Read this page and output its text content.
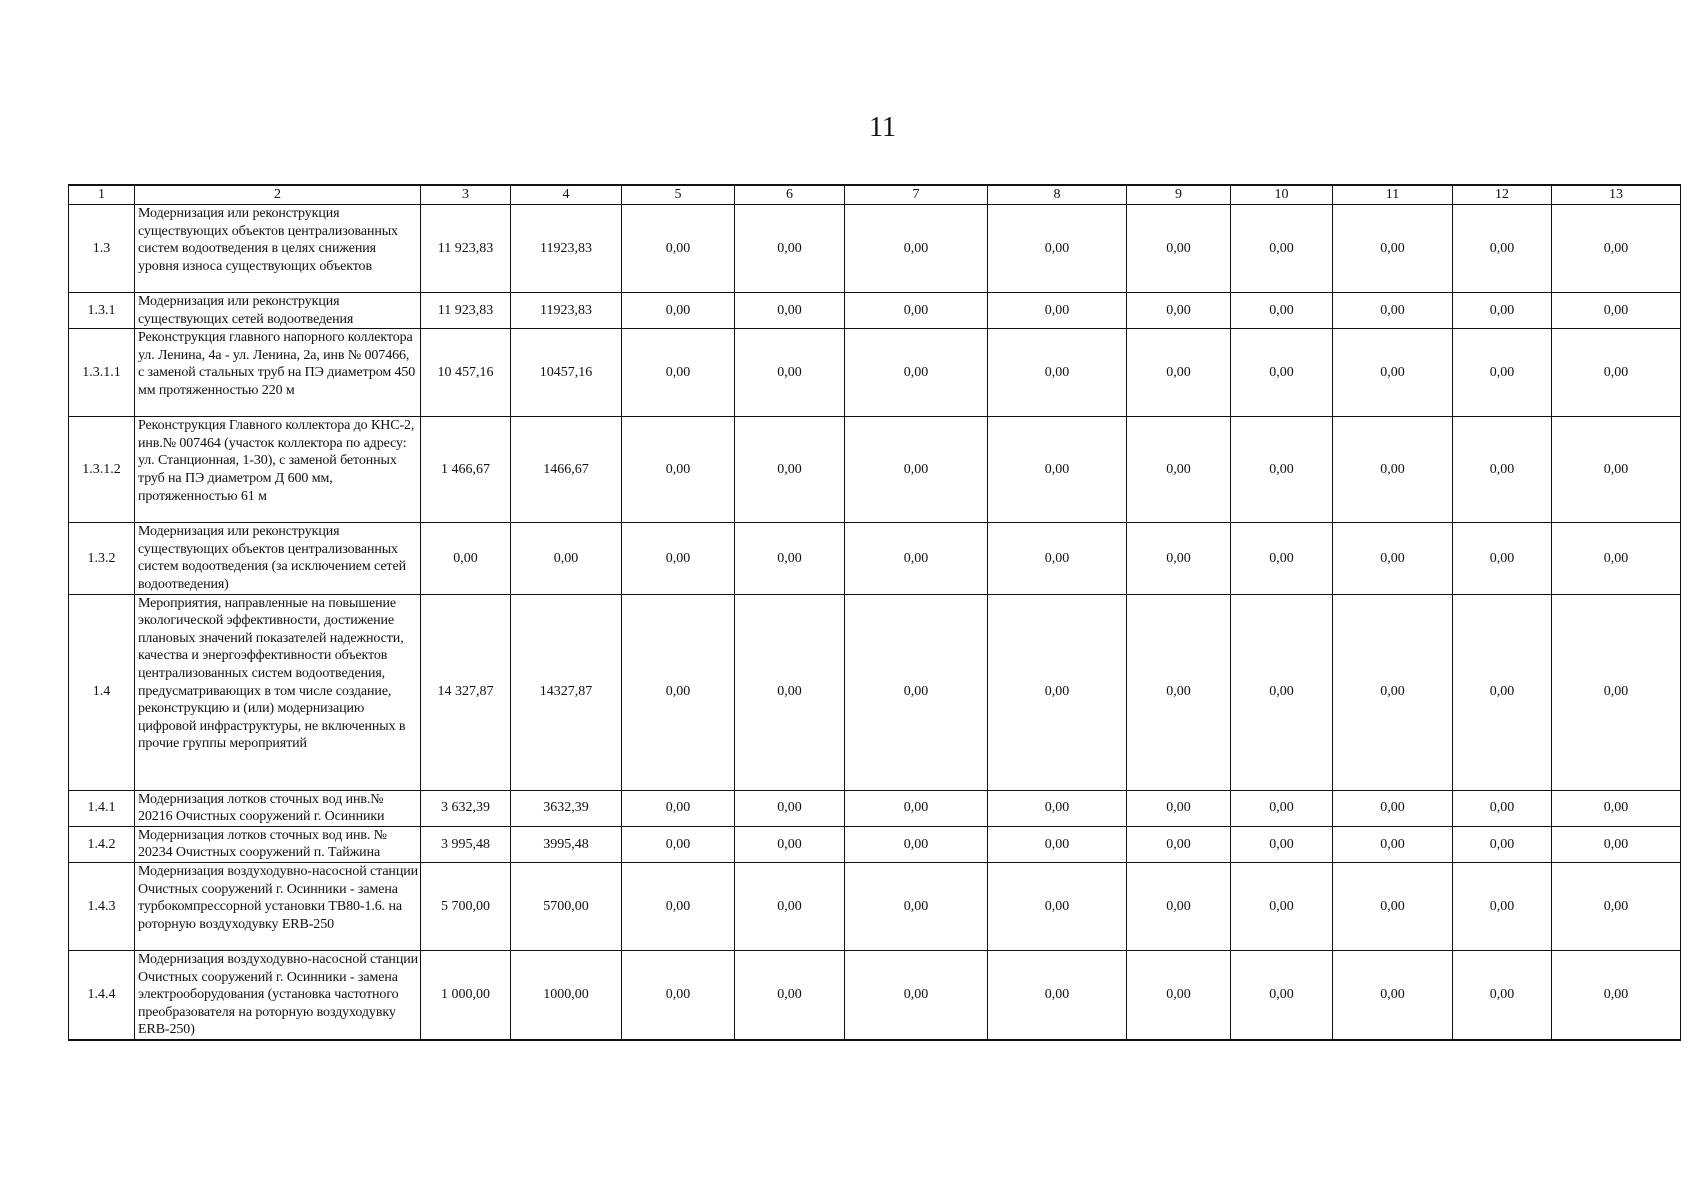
11
1	2	3	4	5	6	7	8	9	10	11	12	13
1.3	Модернизация или реконструкция существующих объектов централизованных систем водоотведения в целях снижения уровня износа существующих объектов	11 923,83	11923,83	0,00	0,00	0,00	0,00	0,00	0,00	0,00	0,00	0,00
1.3.1	Модернизация или реконструкция существующих сетей водоотведения	11 923,83	11923,83	0,00	0,00	0,00	0,00	0,00	0,00	0,00	0,00	0,00
1.3.1.1	Реконструкция главного напорного коллектора ул. Ленина, 4а - ул. Ленина, 2а, инв № 007466, с заменой стальных труб на ПЭ диаметром 450 мм протяженностью 220 м	10 457,16	10457,16	0,00	0,00	0,00	0,00	0,00	0,00	0,00	0,00	0,00
1.3.1.2	Реконструкция Главного коллектора до КНС-2, инв.№ 007464 (участок коллектора по адресу: ул. Станционная, 1-30), с заменой бетонных труб на ПЭ диаметром Д 600 мм, протяженностью 61 м	1 466,67	1466,67	0,00	0,00	0,00	0,00	0,00	0,00	0,00	0,00	0,00
1.3.2	Модернизация или реконструкция существующих объектов централизованных систем водоотведения (за исключением сетей водоотведения)	0,00	0,00	0,00	0,00	0,00	0,00	0,00	0,00	0,00	0,00	0,00
1.4	Мероприятия, направленные на повышение экологической эффективности, достижение плановых значений показателей надежности, качества и энергоэффективности объектов централизованных систем водоотведения, предусматривающих в том числе создание, реконструкцию и (или) модернизацию цифровой инфраструктуры, не включенных в прочие группы мероприятий	14 327,87	14327,87	0,00	0,00	0,00	0,00	0,00	0,00	0,00	0,00	0,00
1.4.1	Модернизация лотков сточных вод инв.№ 20216 Очистных сооружений г. Осинники	3 632,39	3632,39	0,00	0,00	0,00	0,00	0,00	0,00	0,00	0,00	0,00
1.4.2	Модернизация лотков сточных вод инв. № 20234 Очистных сооружений п. Тайжина	3 995,48	3995,48	0,00	0,00	0,00	0,00	0,00	0,00	0,00	0,00	0,00
1.4.3	Модернизация воздуходувно-насосной станции Очистных сооружений г. Осинники - замена турбокомпрессорной установки ТВ80-1.6. на роторную воздуходувку ERB-250	5 700,00	5700,00	0,00	0,00	0,00	0,00	0,00	0,00	0,00	0,00	0,00
1.4.4	Модернизация воздуходувно-насосной станции Очистных сооружений г. Осинники - замена электрооборудования (установка частотного преобразователя на роторную воздуходувку ERB-250)	1 000,00	1000,00	0,00	0,00	0,00	0,00	0,00	0,00	0,00	0,00	0,00
